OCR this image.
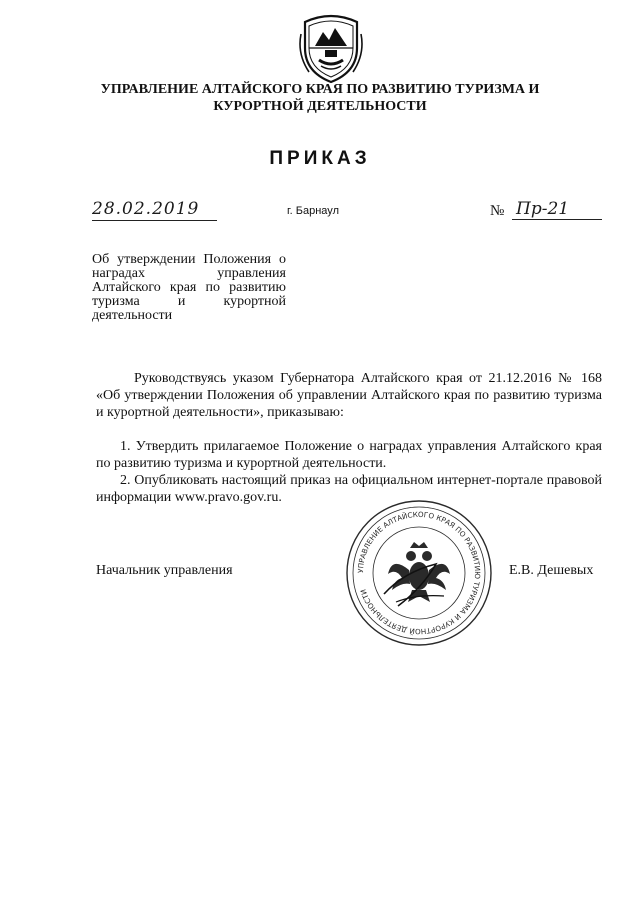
УПРАВЛЕНИЕ АЛТАЙСКОГО КРАЯ ПО РАЗВИТИЮ ТУРИЗМА И
КУРОРТНОЙ ДЕЯТЕЛЬНОСТИ
ПРИКАЗ
28.02.2019	г. Барнаул	№ Пр-21
Об утверждении Положения о наградах управления Алтайского края по развитию туризма и курортной деятельности
Руководствуясь указом Губернатора Алтайского края от 21.12.2016 № 168 «Об утверждении Положения об управлении Алтайского края по развитию туризма и курортной деятельности», приказываю:
1. Утвердить прилагаемое Положение о наградах управления Алтайского края по развитию туризма и курортной деятельности.
2. Опубликовать настоящий приказ на официальном интернет-портале правовой информации www.pravo.gov.ru.
Начальник управления	Е.В. Дешевых
УПРАВЛЕНИЕ АЛТАЙСКОГО КРАЯ ПО РАЗВИТИЮ ТУРИЗМА И КУРОРТНОЙ ДЕЯТЕЛЬНОСТИ
